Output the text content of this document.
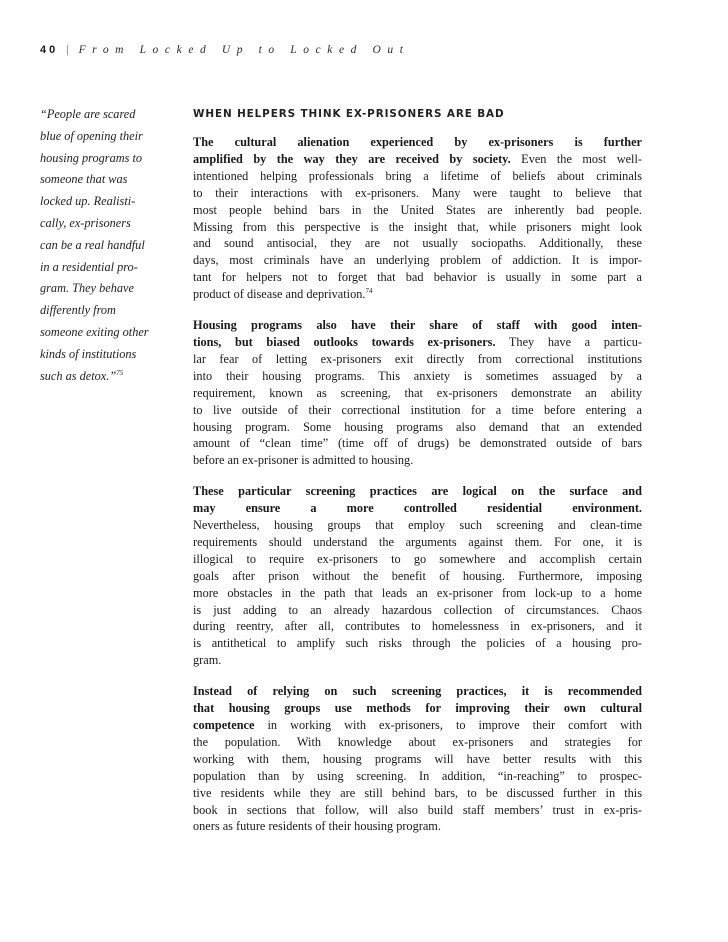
40 | From Locked Up to Locked Out
“People are scared
blue of opening their
housing programs to
someone that was
locked up. Realisti-
cally, ex-prisoners
can be a real handful
in a residential pro-
gram. They behave
differently from
someone exiting other
kinds of institutions
such as detox.”$^{75}$
WHEN HELPERS THINK EX-PRISONERS ARE BAD
The cultural alienation experienced by ex-prisoners is further
amplified by the way they are received by society. Even the most well-
intentioned helping professionals bring a lifetime of beliefs about criminals
to their interactions with ex-prisoners. Many were taught to believe that
most people behind bars in the United States are inherently bad people.
Missing from this perspective is the insight that, while prisoners might look
and sound antisocial, they are not usually sociopaths. Additionally, these
days, most criminals have an underlying problem of addiction. It is impor-
tant for helpers not to forget that bad behavior is usually in some part a
product of disease and deprivation.$^{74}$
Housing programs also have their share of staff with good inten-
tions, but biased outlooks towards ex-prisoners. They have a particu-
lar fear of letting ex-prisoners exit directly from correctional institutions
into their housing programs. This anxiety is sometimes assuaged by a
requirement, known as screening, that ex-prisoners demonstrate an ability
to live outside of their correctional institution for a time before entering a
housing program. Some housing programs also demand that an extended
amount of “clean time” (time off of drugs) be demonstrated outside of bars
before an ex-prisoner is admitted to housing.
These particular screening practices are logical on the surface and
may ensure a more controlled residential environment.
Nevertheless, housing groups that employ such screening and clean-time
requirements should understand the arguments against them. For one, it is
illogical to require ex-prisoners to go somewhere and accomplish certain
goals after prison without the benefit of housing. Furthermore, imposing
more obstacles in the path that leads an ex-prisoner from lock-up to a home
is just adding to an already hazardous collection of circumstances. Chaos
during reentry, after all, contributes to homelessness in ex-prisoners, and it
is antithetical to amplify such risks through the policies of a housing pro-
gram.
Instead of relying on such screening practices, it is recommended
that housing groups use methods for improving their own cultural
competence in working with ex-prisoners, to improve their comfort with
the population. With knowledge about ex-prisoners and strategies for
working with them, housing programs will have better results with this
population than by using screening. In addition, “in-reaching” to prospec-
tive residents while they are still behind bars, to be discussed further in this
book in sections that follow, will also build staff members’ trust in ex-pris-
oners as future residents of their housing program.
